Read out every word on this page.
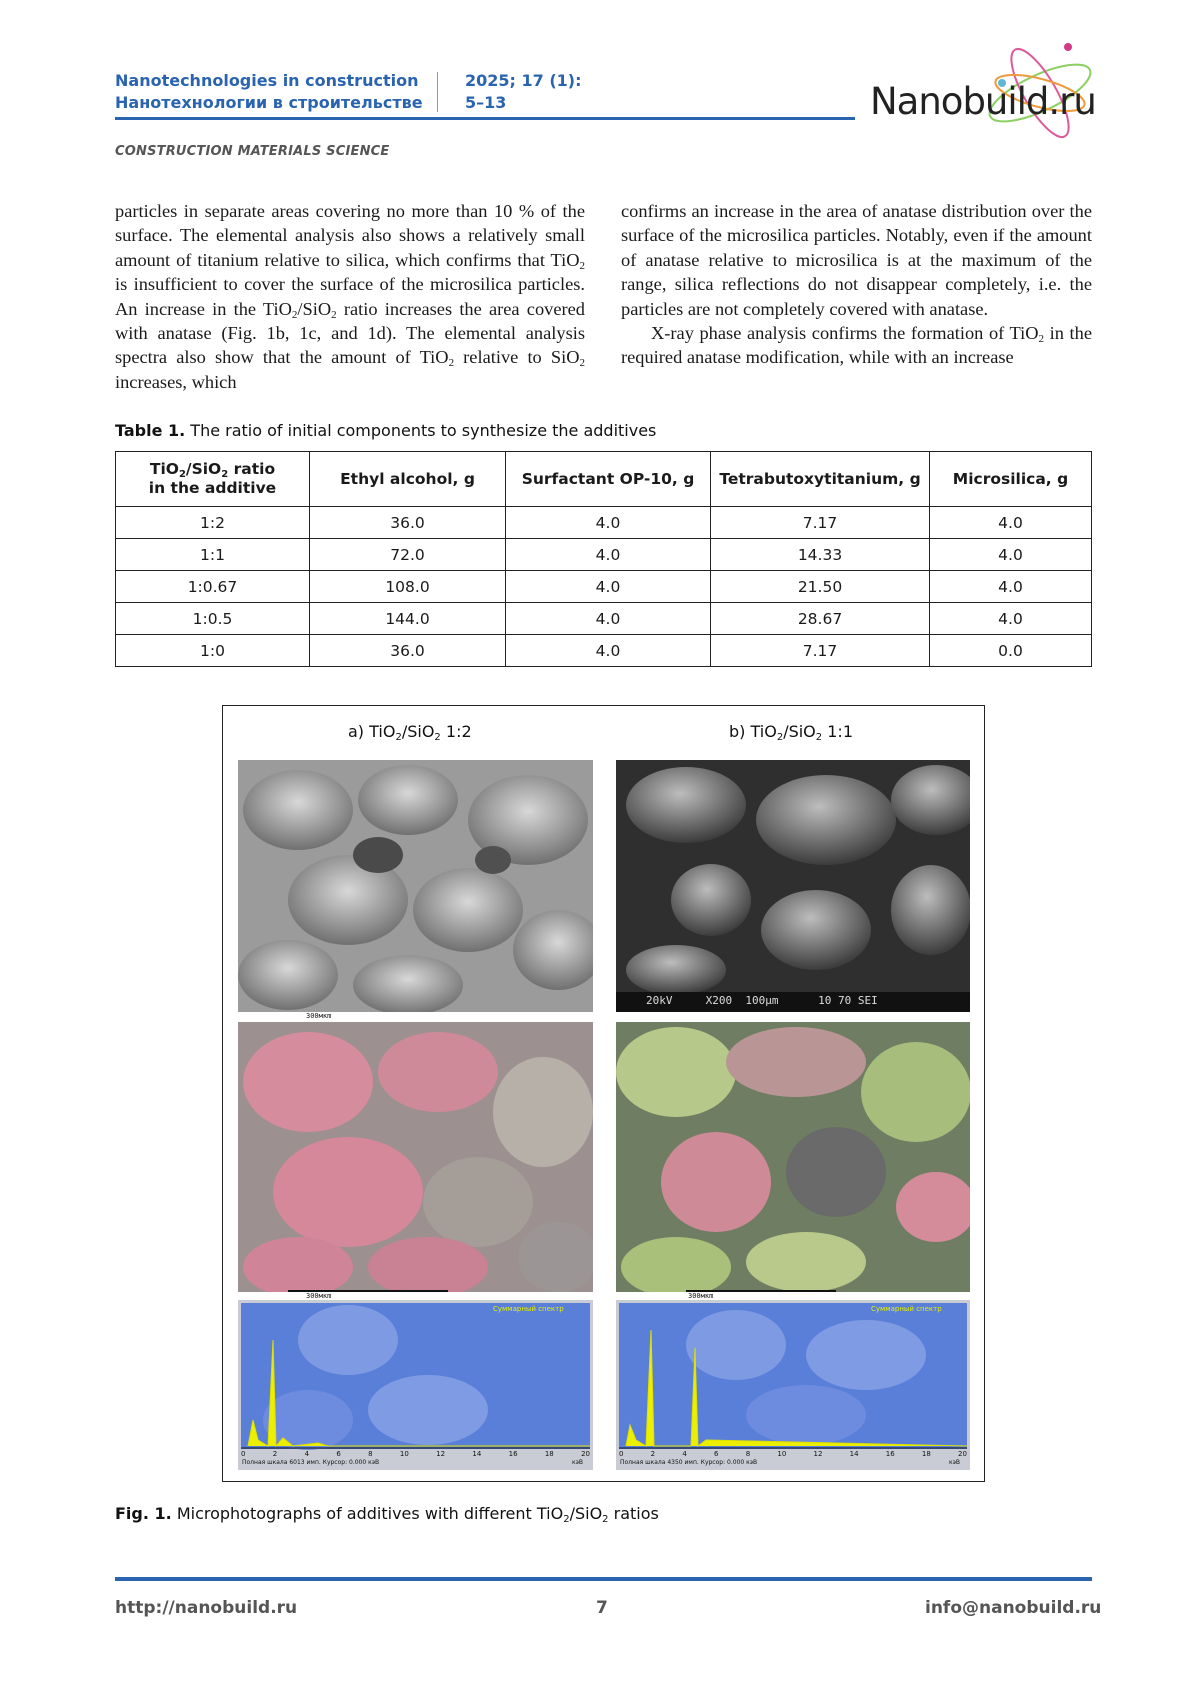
Nanotechnologies in construction
Нанотехнологии в строительстве
2025; 17 (1):
5–13	Nanobuild.ru
CONSTRUCTION MATERIALS SCIENCE

particles in separate areas covering no more than 10 % of the surface. The elemental analysis also shows a relatively small amount of titanium relative to silica, which confirms that TiO$_2$ is insufficient to cover the surface of the microsilica particles. An increase in the TiO$_2$/SiO$_2$ ratio increases the area covered with anatase (Fig. 1b, 1c, and 1d). The elemental analysis spectra also show that the amount of TiO$_2$ relative to SiO$_2$ increases, which

confirms an increase in the area of anatase distribution over the surface of the microsilica particles. Notably, even if the amount of anatase relative to microsilica is at the maximum of the range, silica reflections do not disappear completely, i.e. the particles are not completely covered with anatase.

X-ray phase analysis confirms the formation of TiO$_2$ in the required anatase modification, while with an increase

Table 1. The ratio of initial components to synthesize the additives
TiO$_2$/SiO$_2$ ratio
in the additive	Ethyl alcohol, g	Surfactant OP-10, g	Tetrabutoxytitanium, g	Microsilica, g
1:2	36.0	4.0	7.17	4.0
1:1	72.0	4.0	14.33	4.0
1:0.67	108.0	4.0	21.50	4.0
1:0.5	144.0	4.0	28.67	4.0
1:0	36.0	4.0	7.17	0.0
a) TiO$_2$/SiO$_2$ 1:2	b) TiO$_2$/SiO$_2$ 1:1
300мкm
20kV     X200  100µm      10 70 SEI
300мкm	300мкm
Суммарный спектр
0	2	4	6	8	10	12	14	16	18	20
Полная шкала 6013 имп. Курсор: 0.000 кэВ	кэВ
Суммарный спектр
0	2	4	6	8	10	12	14	16	18	20
Полная шкала 4350 имп. Курсор: 0.000 кэВ	кэВ
Fig. 1. Microphotographs of additives with different TiO$_2$/SiO$_2$ ratios
http://nanobuild.ru	7	info@nanobuild.ru
